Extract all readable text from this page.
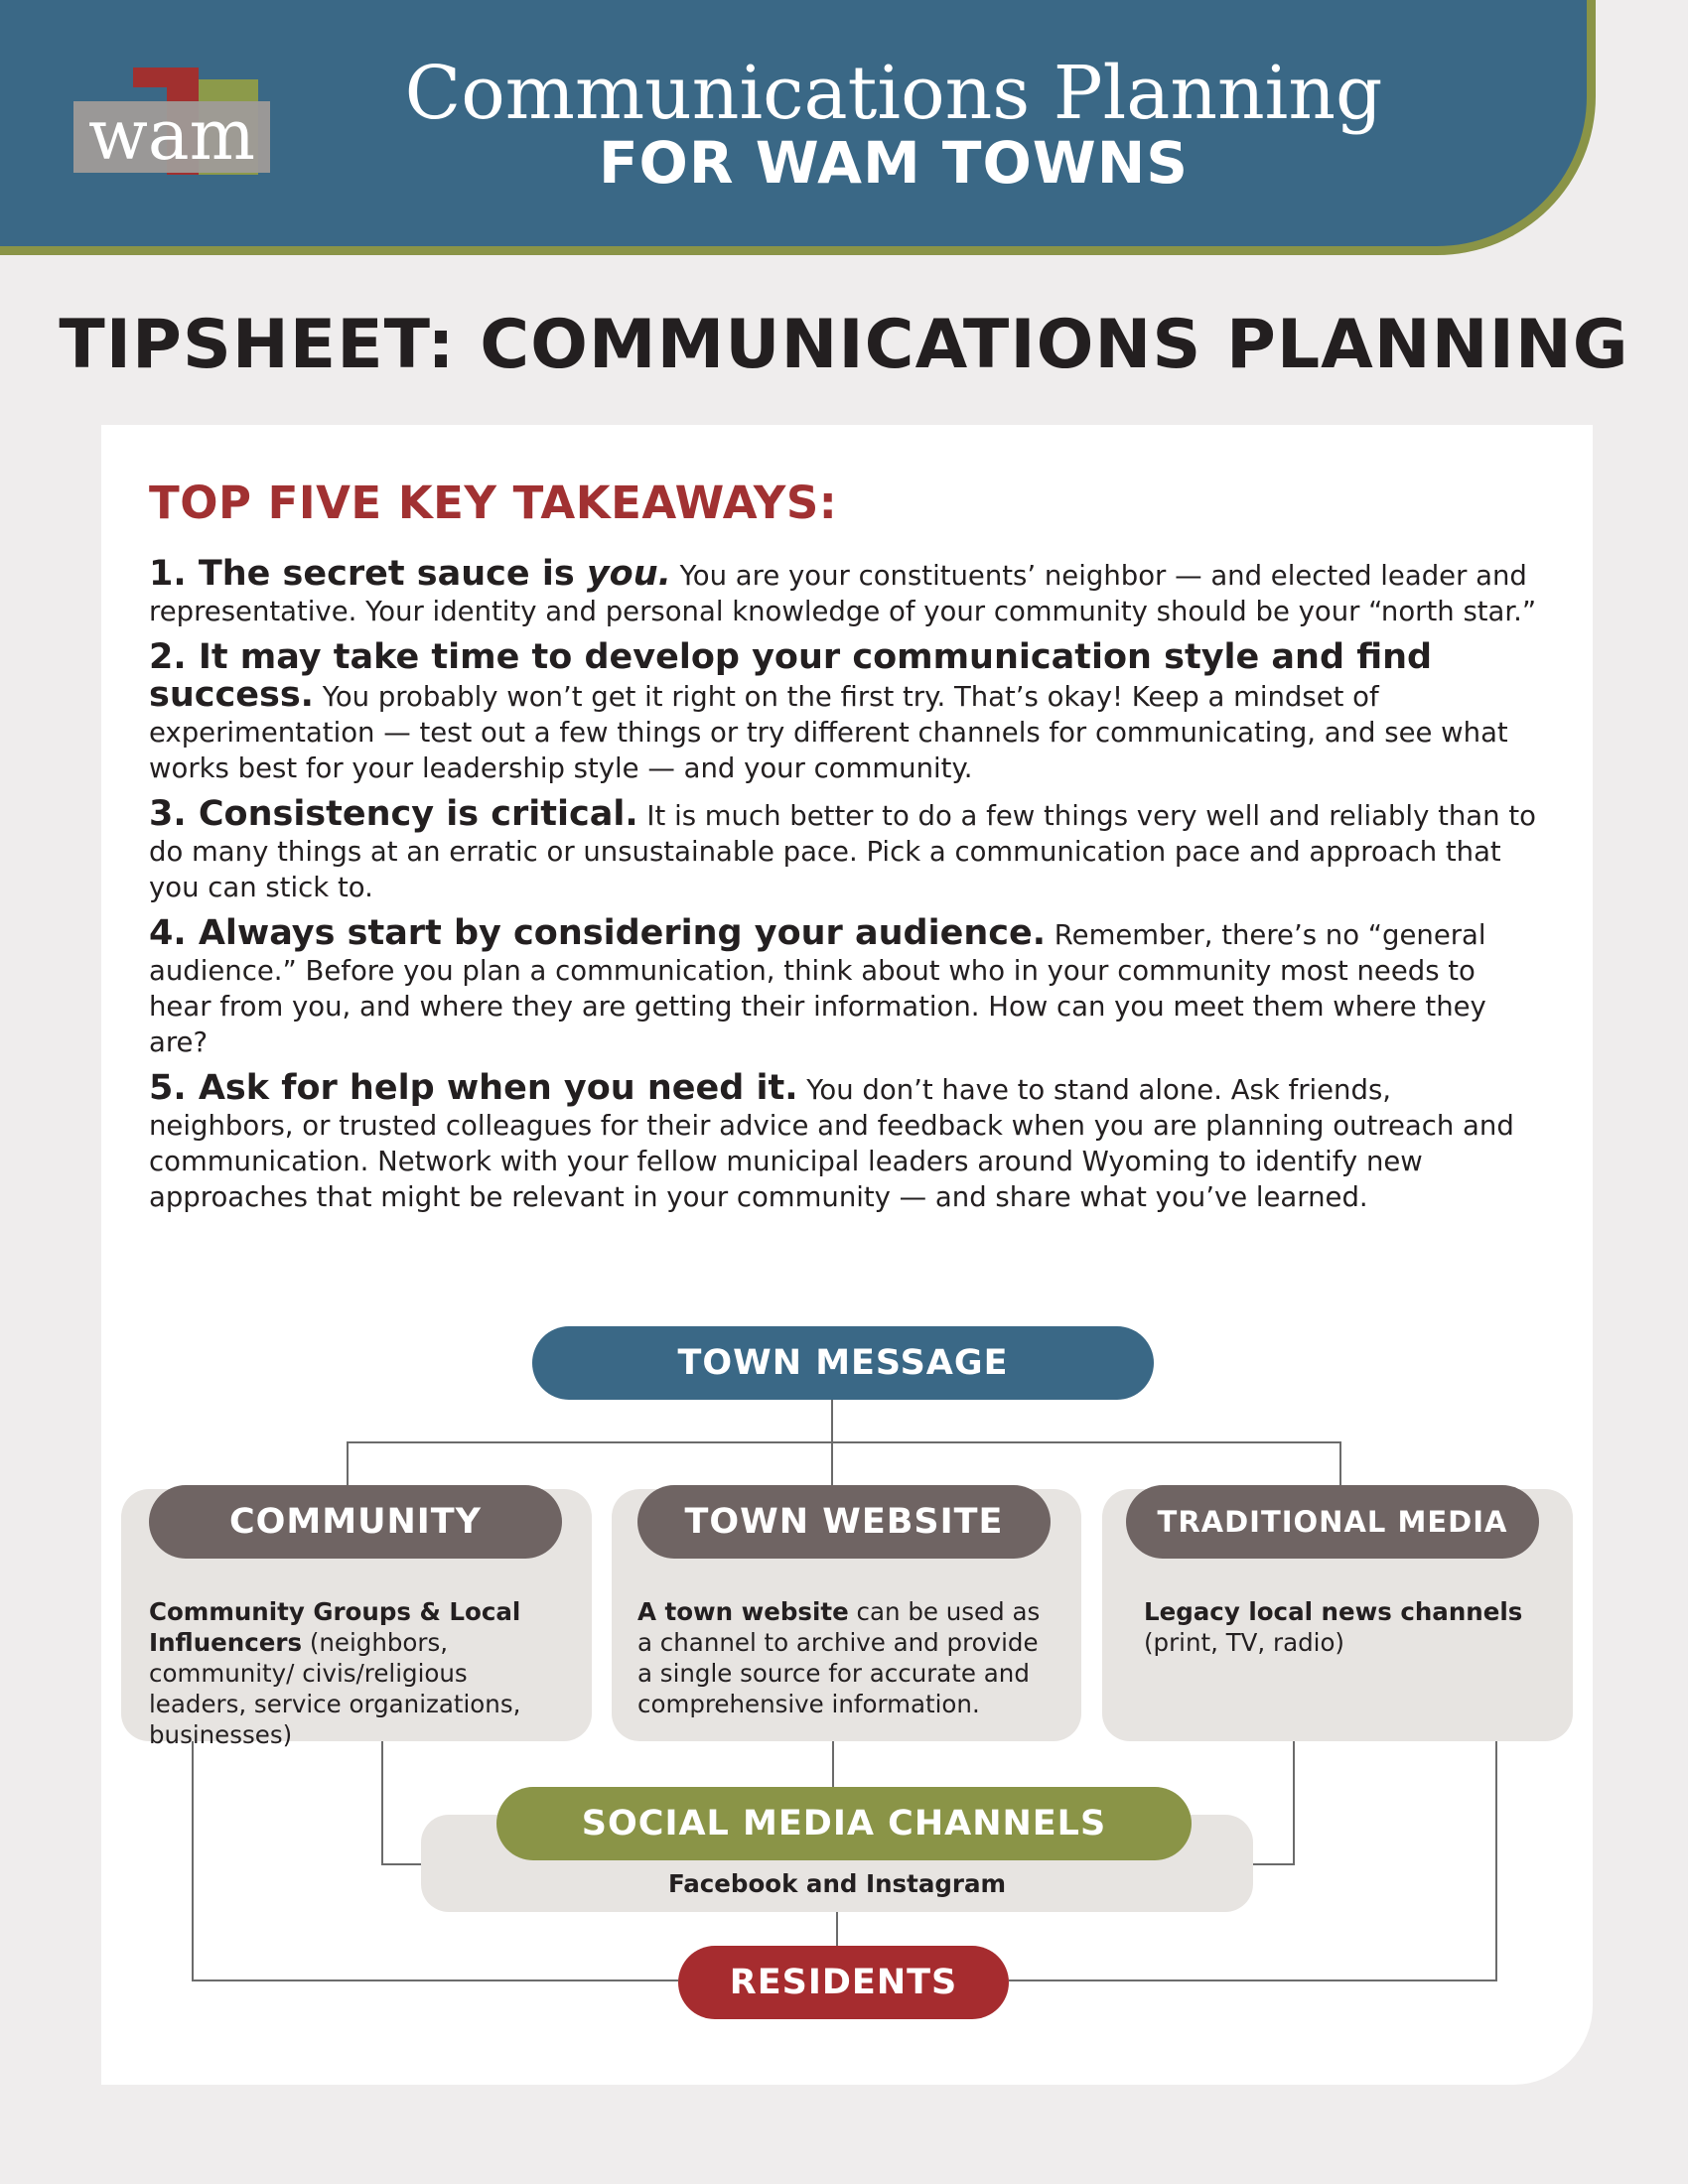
wam	Communications Planning
FOR WAM TOWNS
TIPSHEET: COMMUNICATIONS PLANNING
TOP FIVE KEY TAKEAWAYS:

1. The secret sauce is you. You are your constituents’ neighbor — and elected leader and representative. Your identity and personal knowledge of your community should be your “north star.”

2. It may take time to develop your communication style and find success. You probably won’t get it right on the first try. That’s okay! Keep a mindset of experimentation — test out a few things or try different channels for communicating, and see what works best for your leadership style — and your community.

3. Consistency is critical. It is much better to do a few things very well and reliably than to do many things at an erratic or unsustainable pace. Pick a communication pace and approach that you can stick to.

4. Always start by considering your audience. Remember, there’s no “general audience.” Before you plan a communication, think about who in your community most needs to hear from you, and where they are getting their information. How can you meet them where they are?

5. Ask for help when you need it. You don’t have to stand alone. Ask friends, neighbors, or trusted colleagues for their advice and feedback when you are planning outreach and communication. Network with your fellow municipal leaders around Wyoming to identify new approaches that might be relevant in your community — and share what you’ve learned.

TOWN MESSAGE
COMMUNITY
Community Groups & Local Influencers (neighbors, community/ civis/religious leaders, service organizations, businesses)
TOWN WEBSITE
A town website can be used as a channel to archive and provide a single source for accurate and comprehensive information.
TRADITIONAL MEDIA
Legacy local news channels (print, TV, radio)
SOCIAL MEDIA CHANNELS
Facebook and Instagram
RESIDENTS
